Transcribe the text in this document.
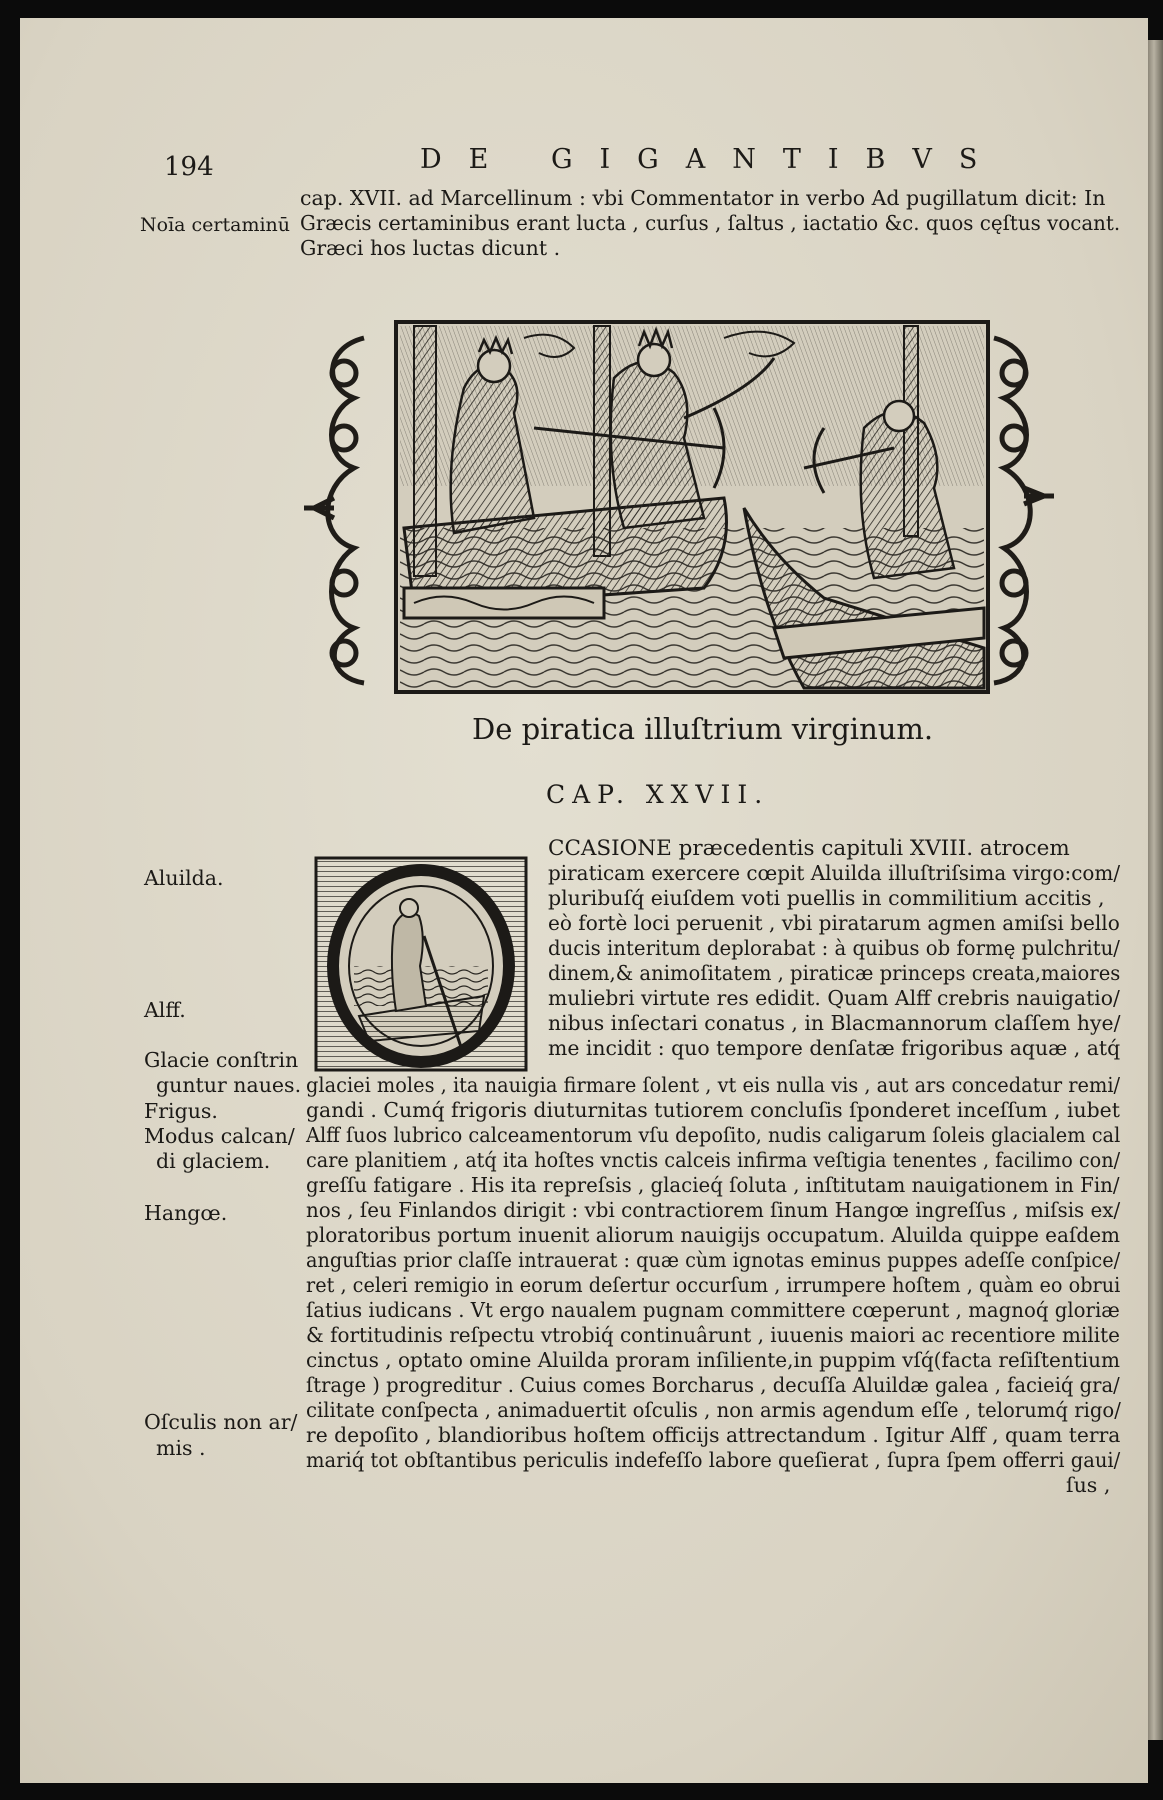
194	DE GIGANTIBVS
cap. XVII. ad Marcellinum : vbi Commentator in verbo Ad pugillatum dicit: In
Græcis certaminibus erant lucta , curſus , ſaltus , iactatio &c. quos cęſtus vocant.
Græci hos luctas dicunt .
Noīa certaminū
De piratica illuſtrium virginum.
CAP. XXVII.
CCASIONE præcedentis capituli XVIII. atrocem
piraticam exercere cœpit Aluilda illuſtriſsima virgo:com/
pluribuſq́ eiuſdem voti puellis in commilitium accitis ,
eò fortè loci peruenit , vbi piratarum agmen amiſsi bello
ducis interitum deplorabat : à quibus ob formę pulchritu/
dinem,& animoſitatem , piraticæ princeps creata,maiores
muliebri virtute res edidit. Quam Alff crebris nauigatio/
nibus inſectari conatus , in Blacmannorum claſſem hye/
me incidit : quo tempore denſatæ frigoribus aquæ , atq́
glaciei moles , ita nauigia firmare ſolent , vt eis nulla vis , aut ars concedatur remi/
gandi . Cumq́ frigoris diuturnitas tutiorem concluſis ſponderet inceſſum , iubet
Alff ſuos lubrico calceamentorum vſu depoſito, nudis caligarum ſoleis glacialem cal
care planitiem , atq́ ita hoſtes vnctis calceis infirma veſtigia tenentes , facilimo con/
greſſu fatigare . His ita repreſsis , glacieq́ ſoluta , inſtitutam nauigationem in Fin/
nos , ſeu Finlandos dirigit : vbi contractiorem ſinum Hangœ ingreſſus , miſsis ex/
ploratoribus portum inuenit aliorum nauigijs occupatum. Aluilda quippe eaſdem
anguſtias prior claſſe intrauerat : quæ cùm ignotas eminus puppes adeſſe conſpice/
ret , celeri remigio in eorum deſertur occurſum , irrumpere hoſtem , quàm eo obrui
ſatius iudicans . Vt ergo naualem pugnam committere cœperunt , magnoq́ gloriæ
& fortitudinis reſpectu vtrobiq́ continuârunt , iuuenis maiori ac recentiore milite
cinctus , optato omine Aluilda proram inſiliente,in puppim vſq́(facta reſiſtentium
ſtrage ) progreditur . Cuius comes Borcharus , decuſſa Aluildæ galea , facieiq́ gra/
cilitate conſpecta , animaduertit oſculis , non armis agendum eſſe , telorumq́ rigo/
re depoſito , blandioribus hoſtem officijs attrectandum . Igitur Alff , quam terra
mariq́ tot obſtantibus periculis indefeſſo labore queſierat , ſupra ſpem offerri gaui/
ſus ,
Aluilda.
Alff.
Glacie conſtrin
guntur naues.
Frigus.
Modus calcan/
di glaciem.
Hangœ.
Oſculis non ar/
mis .
